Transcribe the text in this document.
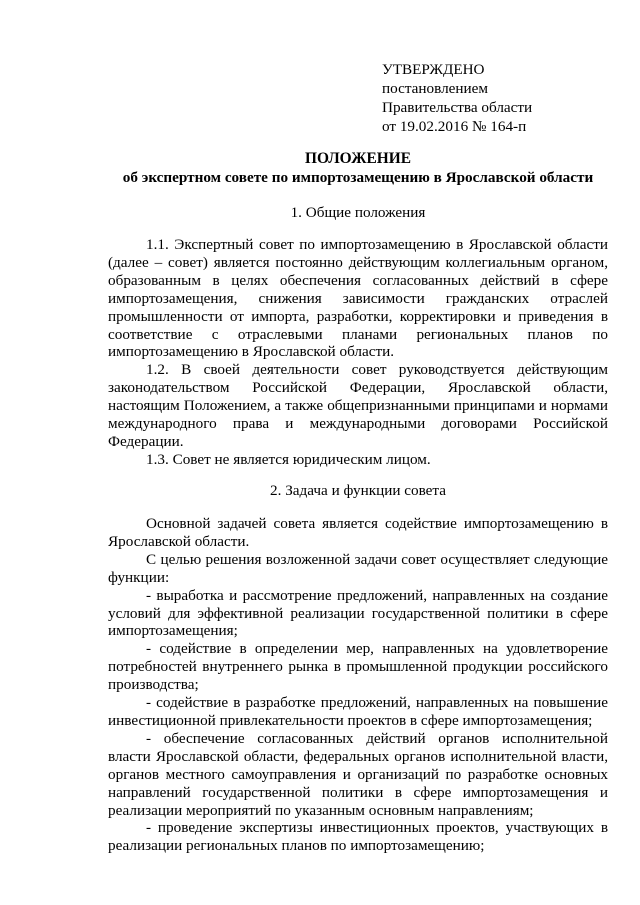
УТВЕРЖДЕНО
постановлением
Правительства области
от 19.02.2016 № 164-п
ПОЛОЖЕНИЕ
об экспертном совете по импортозамещению в Ярославской области
1. Общие положения

1.1. Экспертный совет по импортозамещению в Ярославской области (далее – совет) является постоянно действующим коллегиальным органом, образованным в целях обеспечения согласованных действий в сфере импортозамещения, снижения зависимости гражданских отраслей промышленности от импорта, разработки, корректировки и приведения в соответствие с отраслевыми планами региональных планов по импортозамещению в Ярославской области.

1.2. В своей деятельности совет руководствуется действующим законодательством Российской Федерации, Ярославской области, настоящим Положением, а также общепризнанными принципами и нормами международного права и международными договорами Российской Федерации.

1.3. Совет не является юридическим лицом.

2. Задача и функции совета

Основной задачей совета является содействие импортозамещению в Ярославской области.

С целью решения возложенной задачи совет осуществляет следующие функции:

- выработка и рассмотрение предложений, направленных на создание условий для эффективной реализации государственной политики в сфере импортозамещения;

- содействие в определении мер, направленных на удовлетворение потребностей внутреннего рынка в промышленной продукции российского производства;

- содействие в разработке предложений, направленных на повышение инвестиционной привлекательности проектов в сфере импортозамещения;

- обеспечение согласованных действий органов исполнительной власти Ярославской области, федеральных органов исполнительной власти, органов местного самоуправления и организаций по разработке основных направлений государственной политики в сфере импортозамещения и реализации мероприятий по указанным основным направлениям;

- проведение экспертизы инвестиционных проектов, участвующих в реализации региональных планов по импортозамещению;
